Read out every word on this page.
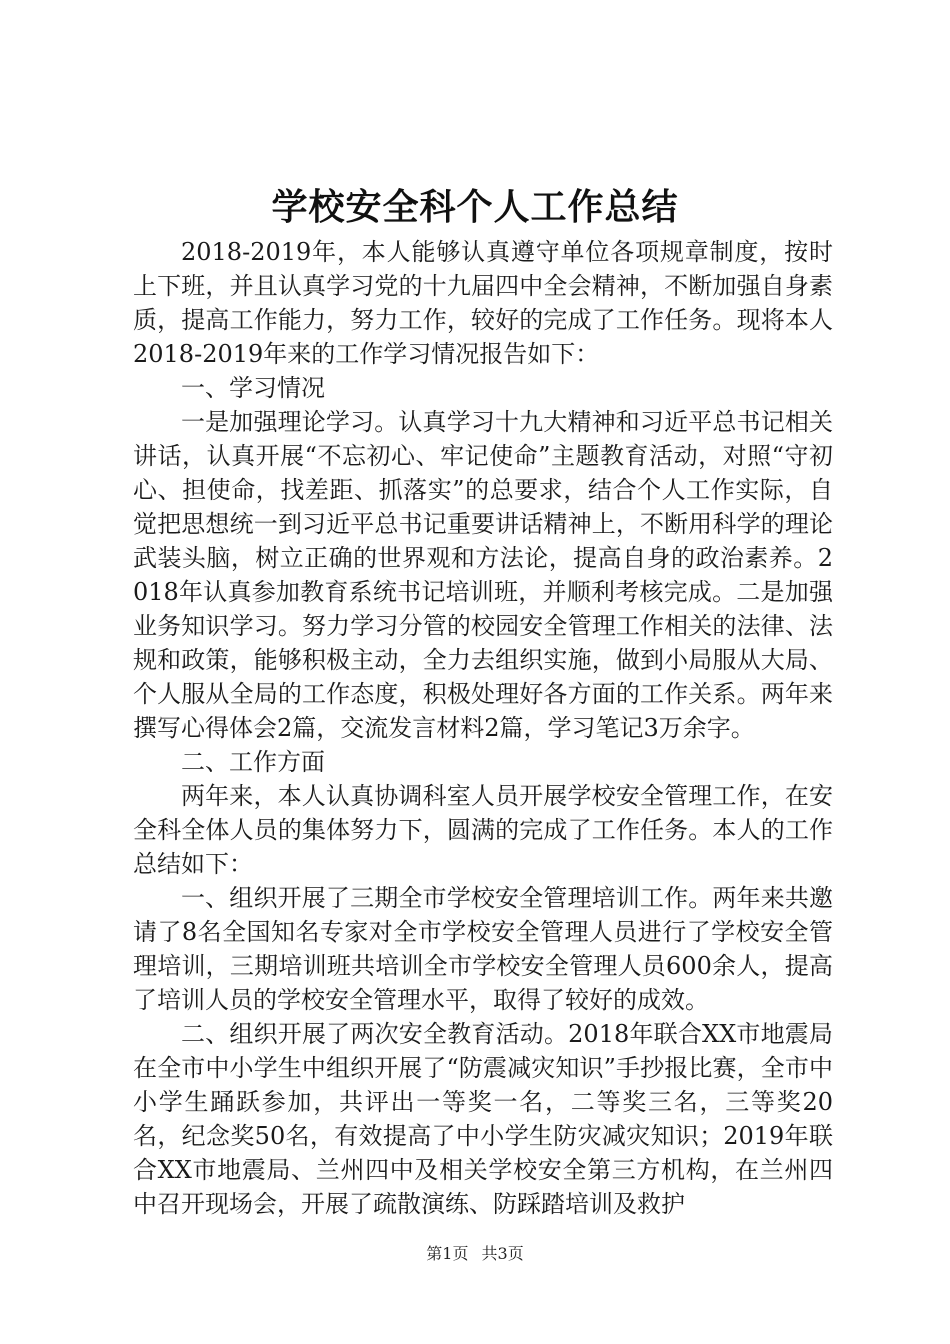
学校安全科个人工作总结

2018-2019年，本人能够认真遵守单位各项规章制度，按时上下班，并且认真学习党的十九届四中全会精神，不断加强自身素质，提高工作能力，努力工作，较好的完成了工作任务。现将本人2018-2019年来的工作学习情况报告如下：

一、学习情况

一是加强理论学习。认真学习十九大精神和习近平总书记相关讲话，认真开展“不忘初心、牢记使命”主题教育活动，对照“守初心、担使命，找差距、抓落实”的总要求，结合个人工作实际，自觉把思想统一到习近平总书记重要讲话精神上，不断用科学的理论武装头脑，树立正确的世界观和方法论，提高自身的政治素养。2018年认真参加教育系统书记培训班，并顺利考核完成。二是加强业务知识学习。努力学习分管的校园安全管理工作相关的法律、法规和政策，能够积极主动，全力去组织实施，做到小局服从大局、个人服从全局的工作态度，积极处理好各方面的工作关系。两年来撰写心得体会2篇，交流发言材料2篇，学习笔记3万余字。

二、工作方面

两年来，本人认真协调科室人员开展学校安全管理工作，在安全科全体人员的集体努力下，圆满的完成了工作任务。本人的工作总结如下：

一、组织开展了三期全市学校安全管理培训工作。两年来共邀请了8名全国知名专家对全市学校安全管理人员进行了学校安全管理培训，三期培训班共培训全市学校安全管理人员600余人，提高了培训人员的学校安全管理水平，取得了较好的成效。

二、组织开展了两次安全教育活动。2018年联合XX市地震局在全市中小学生中组织开展了“防震减灾知识”手抄报比赛，全市中小学生踊跃参加，共评出一等奖一名，二等奖三名，三等奖20名，纪念奖50名，有效提高了中小学生防灾减灾知识；2019年联合XX市地震局、兰州四中及相关学校安全第三方机构，在兰州四中召开现场会，开展了疏散演练、防踩踏培训及救护

第1页 共3页
